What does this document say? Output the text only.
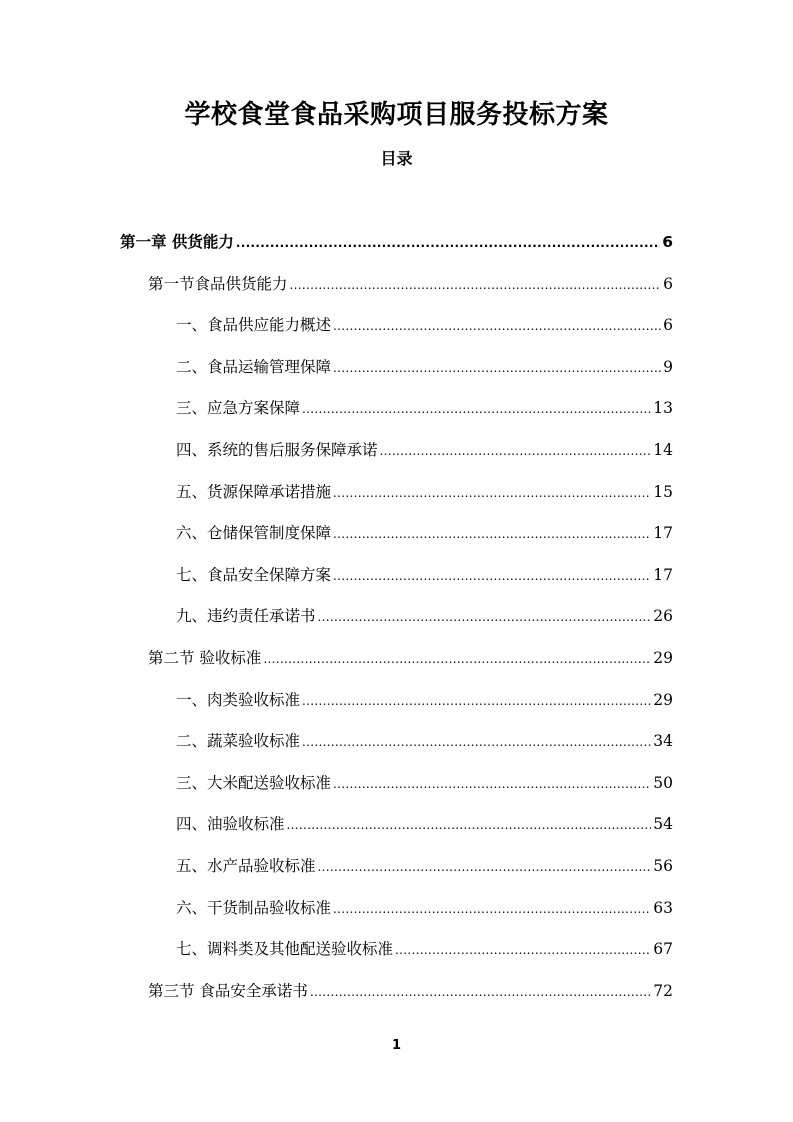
学校食堂食品采购项目服务投标方案
目录
第一章 供货能力 .....	6
第一节食品供货能力 .....	6
一、食品供应能力概述 .....	6
二、食品运输管理保障 .....	9
三、应急方案保障 .....	13
四、系统的售后服务保障承诺 .....	14
五、货源保障承诺措施 .....	15
六、仓储保管制度保障 .....	17
七、食品安全保障方案 .....	17
九、违约责任承诺书 .....	26
第二节 验收标准 .....	29
一、肉类验收标准 .....	29
二、蔬菜验收标准 .....	34
三、大米配送验收标准 .....	50
四、油验收标准 .....	54
五、水产品验收标准 .....	56
六、干货制品验收标准 .....	63
七、调料类及其他配送验收标准 .....	67
第三节 食品安全承诺书 .....	72
1
